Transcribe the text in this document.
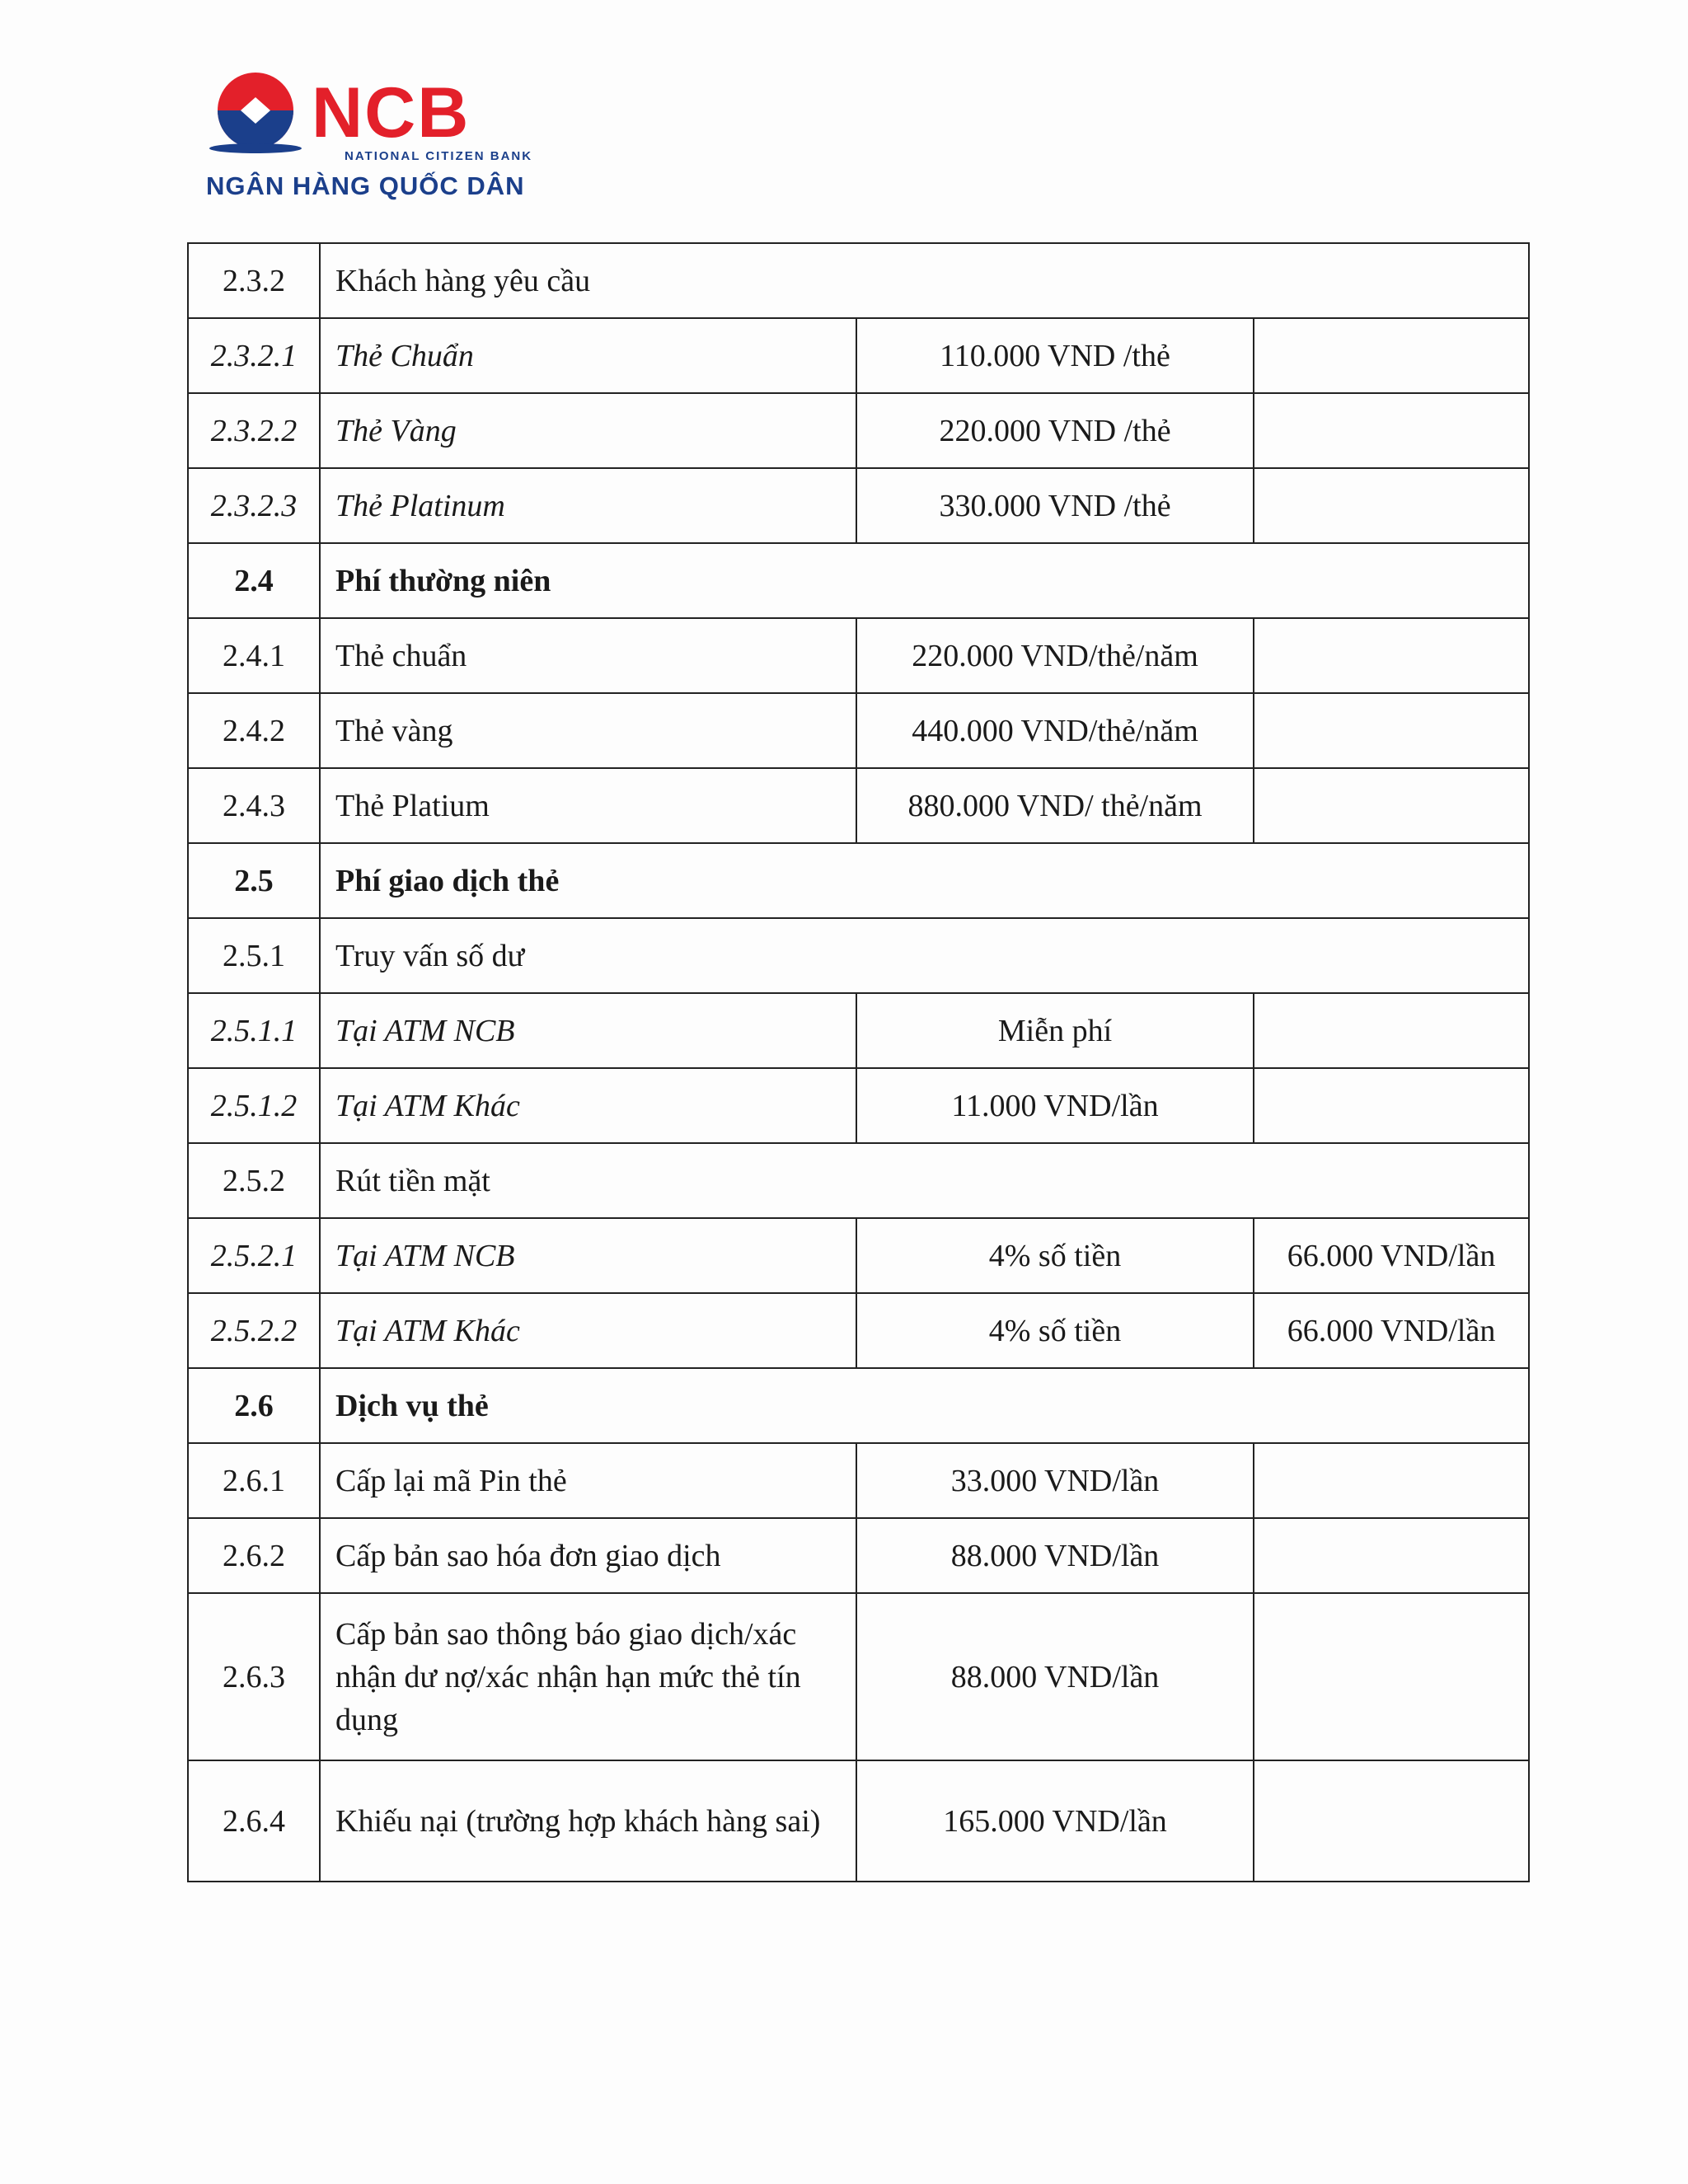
NCB
NATIONAL CITIZEN BANK
NGÂN HÀNG QUỐC DÂN
2.3.2	Khách hàng yêu cầu		
2.3.2.1	Thẻ Chuẩn	110.000 VND /thẻ	
2.3.2.2	Thẻ Vàng	220.000 VND /thẻ	
2.3.2.3	Thẻ Platinum	330.000 VND /thẻ	
2.4	Phí thường niên		
2.4.1	Thẻ chuẩn	220.000 VND/thẻ/năm	
2.4.2	Thẻ vàng	440.000 VND/thẻ/năm	
2.4.3	Thẻ Platium	880.000 VND/ thẻ/năm	
2.5	Phí giao dịch thẻ		
2.5.1	Truy vấn số dư		
2.5.1.1	Tại ATM NCB	Miễn phí	
2.5.1.2	Tại ATM Khác	11.000 VND/lần	
2.5.2	Rút tiền mặt		
2.5.2.1	Tại ATM NCB	4% số tiền	66.000 VND/lần
2.5.2.2	Tại ATM Khác	4% số tiền	66.000 VND/lần
2.6	Dịch vụ thẻ		
2.6.1	Cấp lại mã Pin thẻ	33.000 VND/lần	
2.6.2	Cấp bản sao hóa đơn giao dịch	88.000 VND/lần	
2.6.3	Cấp bản sao thông báo giao dịch/xác nhận dư nợ/xác nhận hạn mức thẻ tín dụng	88.000 VND/lần	
2.6.4	Khiếu nại (trường hợp khách hàng sai)	165.000 VND/lần	
